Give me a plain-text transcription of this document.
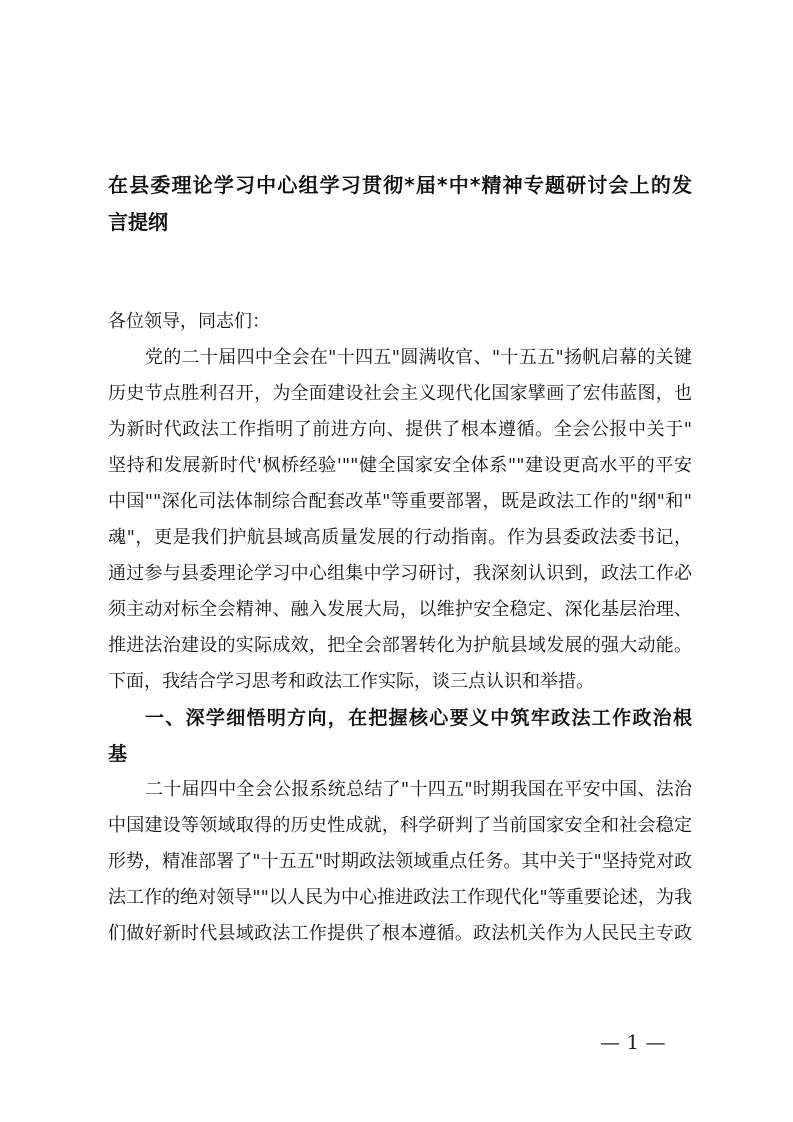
在县委理论学习中心组学习贯彻*届*中*精神专题研讨会上的发
言提纲
各位领导，同志们：
党的二十届四中全会在"十四五"圆满收官、"十五五"扬帆启幕的关键
历史节点胜利召开，为全面建设社会主义现代化国家擘画了宏伟蓝图，也
为新时代政法工作指明了前进方向、提供了根本遵循。全会公报中关于"
坚持和发展新时代'枫桥经验'""健全国家安全体系""建设更高水平的平安
中国""深化司法体制综合配套改革"等重要部署，既是政法工作的"纲"和"
魂"，更是我们护航县域高质量发展的行动指南。作为县委政法委书记，
通过参与县委理论学习中心组集中学习研讨，我深刻认识到，政法工作必
须主动对标全会精神、融入发展大局，以维护安全稳定、深化基层治理、
推进法治建设的实际成效，把全会部署转化为护航县域发展的强大动能。
下面，我结合学习思考和政法工作实际，谈三点认识和举措。
一、深学细悟明方向，在把握核心要义中筑牢政法工作政治根
基
二十届四中全会公报系统总结了"十四五"时期我国在平安中国、法治
中国建设等领域取得的历史性成就，科学研判了当前国家安全和社会稳定
形势，精准部署了"十五五"时期政法领域重点任务。其中关于"坚持党对政
法工作的绝对领导""以人民为中心推进政法工作现代化"等重要论述，为我
们做好新时代县域政法工作提供了根本遵循。政法机关作为人民民主专政
— 1 —
